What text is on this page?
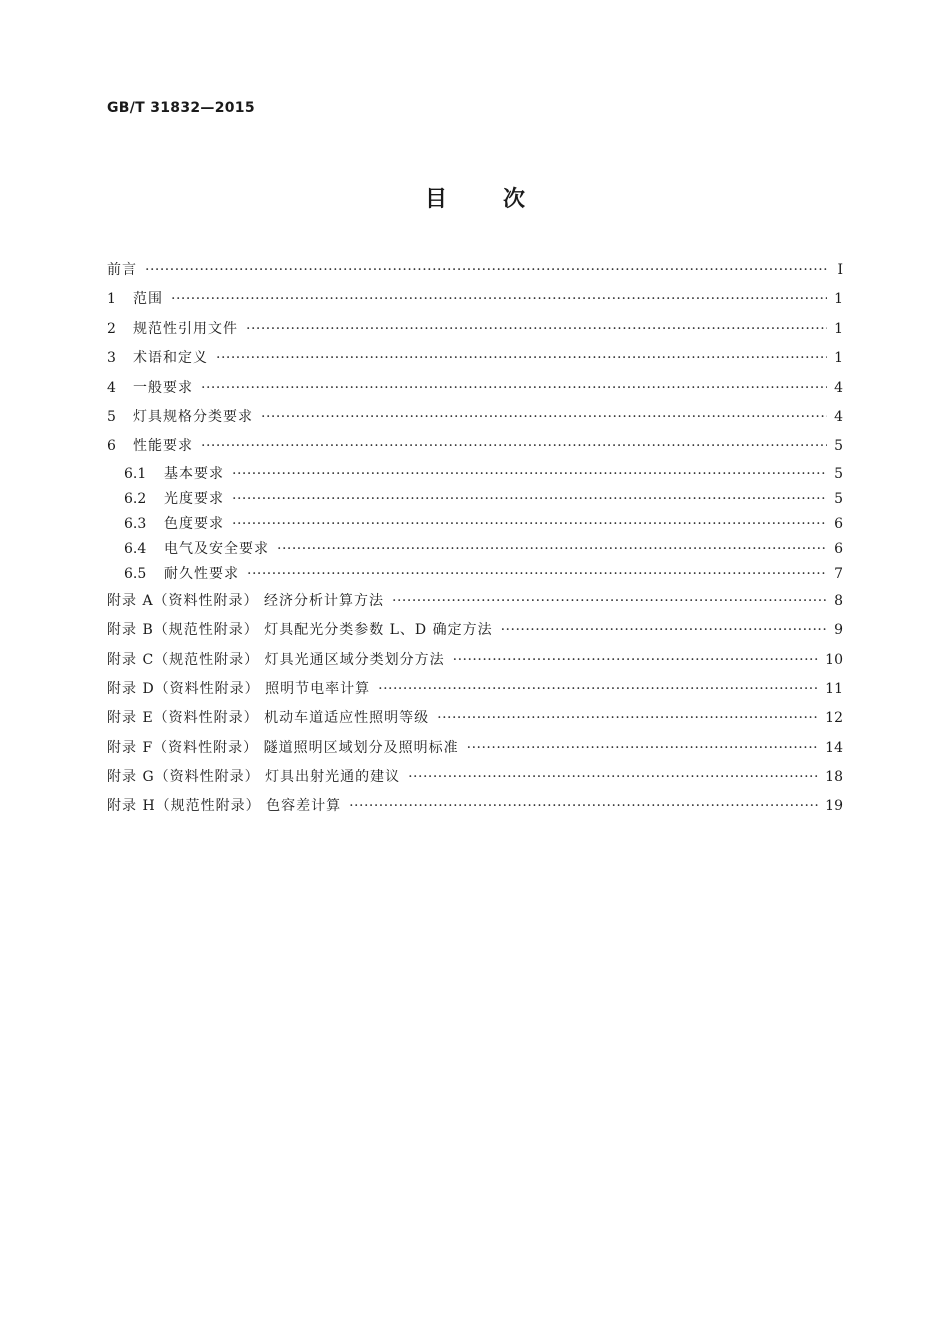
GB/T 31832—2015
目	次
前言 ·····	Ⅰ
1	范围 ·····	1
2	规范性引用文件 ·····	1
3	术语和定义 ·····	1
4	一般要求 ·····	4
5	灯具规格分类要求 ·····	4
6	性能要求 ·····	5
6.1	基本要求 ·····	5
6.2	光度要求 ·····	5
6.3	色度要求 ·····	6
6.4	电气及安全要求 ·····	6
6.5	耐久性要求 ·····	7
附录 A（资料性附录） 经济分析计算方法 ·····	8
附录 B（规范性附录） 灯具配光分类参数 L、D 确定方法 ·····	9
附录 C（规范性附录） 灯具光通区域分类划分方法 ·····	10
附录 D（资料性附录） 照明节电率计算 ·····	11
附录 E（资料性附录） 机动车道适应性照明等级 ·····	12
附录 F（资料性附录） 隧道照明区域划分及照明标准 ·····	14
附录 G（资料性附录） 灯具出射光通的建议 ·····	18
附录 H（规范性附录） 色容差计算 ·····	19
